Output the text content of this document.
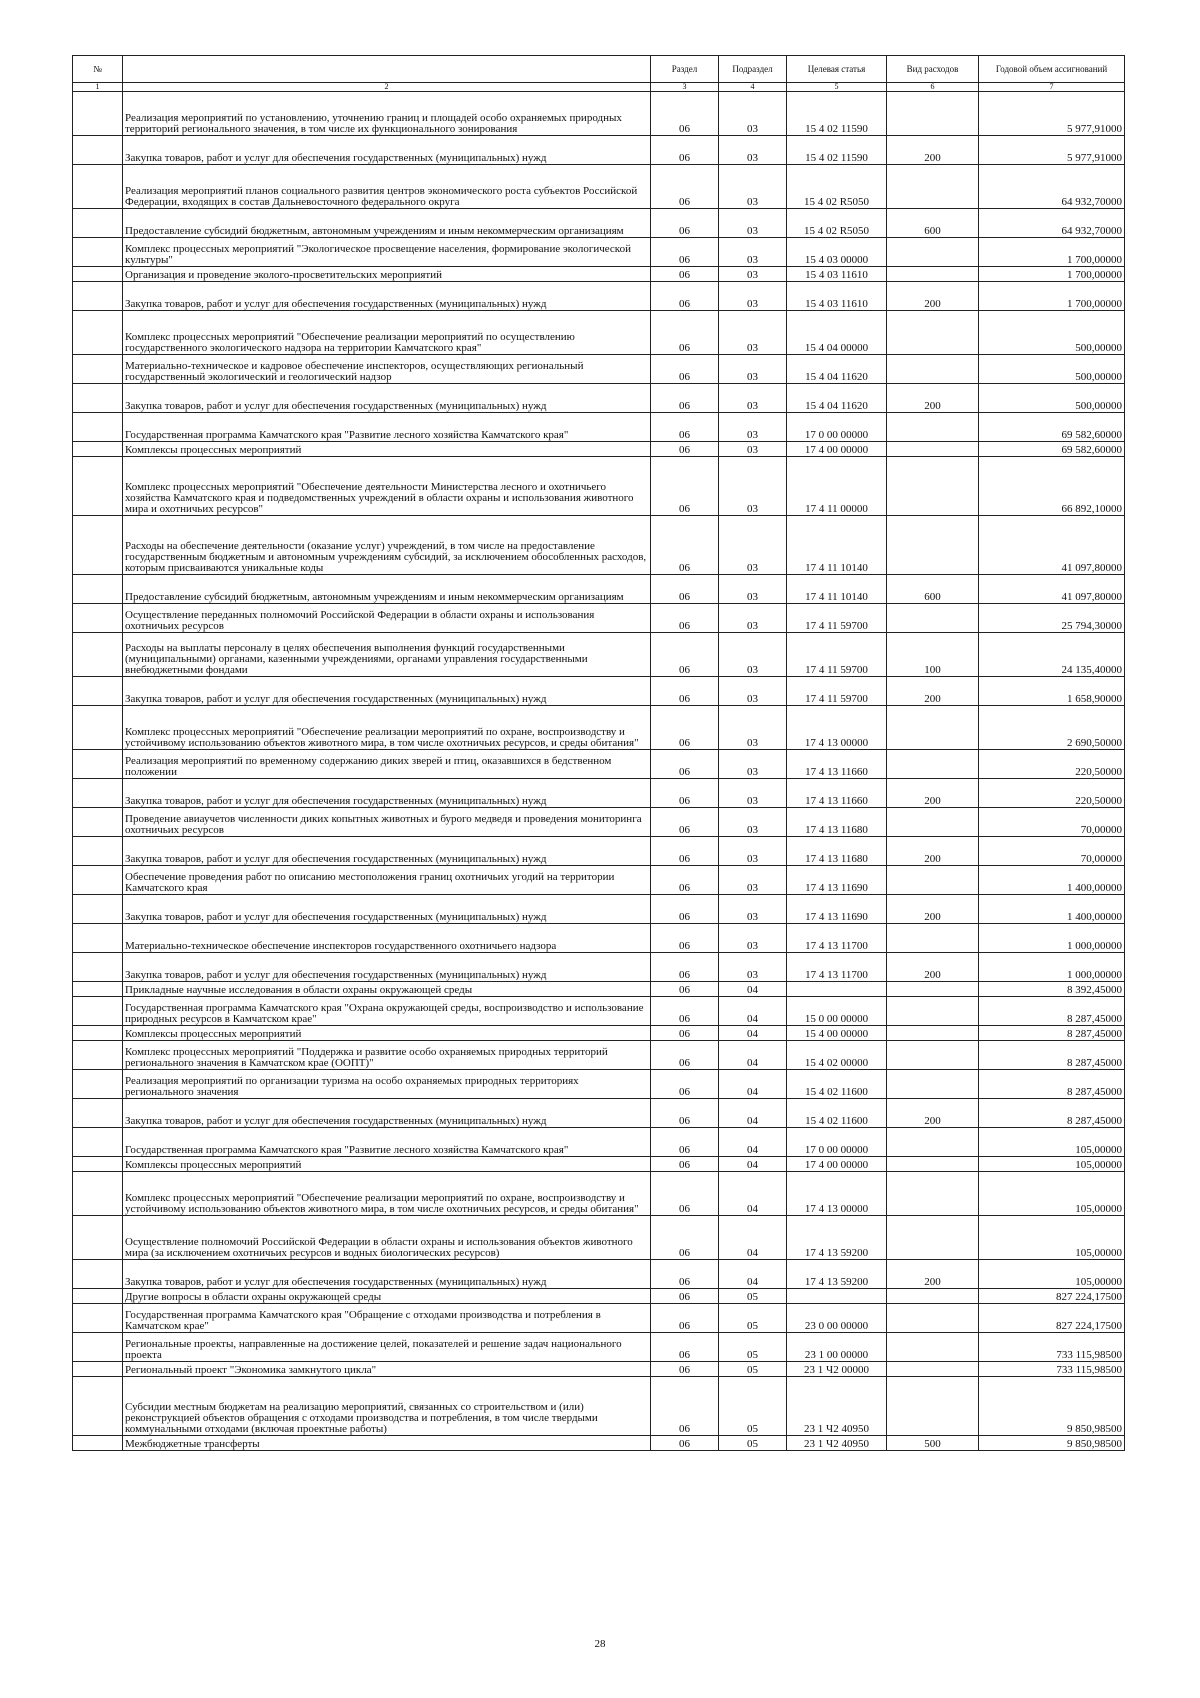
№		Раздел	Подраздел	Целевая статья	Вид расходов	Годовой объем ассигнований
1	2	3	4	5	6	7
	Реализация мероприятий по установлению, уточнению границ и площадей особо охраняемых природных территорий регионального значения, в том числе их функционального зонирования	06	03	15 4 02 11590		5 977,91000
	Закупка товаров, работ и услуг для обеспечения государственных (муниципальных) нужд	06	03	15 4 02 11590	200	5 977,91000
	Реализация мероприятий планов социального развития центров экономического роста субъектов Российской Федерации, входящих в состав Дальневосточного федерального округа	06	03	15 4 02 R5050		64 932,70000
	Предоставление субсидий бюджетным, автономным учреждениям и иным некоммерческим организациям	06	03	15 4 02 R5050	600	64 932,70000
	Комплекс процессных мероприятий "Экологическое просвещение населения, формирование экологической культуры"	06	03	15 4 03 00000		1 700,00000
	Организация и проведение эколого-просветительских мероприятий	06	03	15 4 03 11610		1 700,00000
	Закупка товаров, работ и услуг для обеспечения государственных (муниципальных) нужд	06	03	15 4 03 11610	200	1 700,00000
	Комплекс процессных мероприятий "Обеспечение реализации мероприятий по осуществлению государственного экологического надзора на территории Камчатского края"	06	03	15 4 04 00000		500,00000
	Материально-техническое и кадровое обеспечение инспекторов, осуществляющих региональный государственный экологический и геологический надзор	06	03	15 4 04 11620		500,00000
	Закупка товаров, работ и услуг для обеспечения государственных (муниципальных) нужд	06	03	15 4 04 11620	200	500,00000
	Государственная программа Камчатского края "Развитие лесного хозяйства Камчатского края"	06	03	17 0 00 00000		69 582,60000
	Комплексы процессных мероприятий	06	03	17 4 00 00000		69 582,60000
	Комплекс процессных мероприятий "Обеспечение деятельности Министерства лесного и охотничьего хозяйства Камчатского края и подведомственных учреждений в области охраны и использования животного мира и охотничьих ресурсов"	06	03	17 4 11 00000		66 892,10000
	Расходы на обеспечение деятельности (оказание услуг) учреждений, в том числе на предоставление государственным бюджетным и автономным учреждениям субсидий, за исключением обособленных расходов, которым присваиваются уникальные коды	06	03	17 4 11 10140		41 097,80000
	Предоставление субсидий бюджетным, автономным учреждениям и иным некоммерческим организациям	06	03	17 4 11 10140	600	41 097,80000
	Осуществление переданных полномочий Российской Федерации в области охраны и использования охотничьих ресурсов	06	03	17 4 11 59700		25 794,30000
	Расходы на выплаты персоналу в целях обеспечения выполнения функций государственными (муниципальными) органами, казенными учреждениями, органами управления государственными внебюджетными фондами	06	03	17 4 11 59700	100	24 135,40000
	Закупка товаров, работ и услуг для обеспечения государственных (муниципальных) нужд	06	03	17 4 11 59700	200	1 658,90000
	Комплекс процессных мероприятий "Обеспечение реализации мероприятий по охране, воспроизводству и устойчивому использованию объектов животного мира, в том числе охотничьих ресурсов, и среды обитания"	06	03	17 4 13 00000		2 690,50000
	Реализация мероприятий по временному содержанию диких зверей и птиц, оказавшихся в бедственном положении	06	03	17 4 13 11660		220,50000
	Закупка товаров, работ и услуг для обеспечения государственных (муниципальных) нужд	06	03	17 4 13 11660	200	220,50000
	Проведение авиаучетов численности диких копытных животных и бурого медведя и проведения мониторинга охотничьих ресурсов	06	03	17 4 13 11680		70,00000
	Закупка товаров, работ и услуг для обеспечения государственных (муниципальных) нужд	06	03	17 4 13 11680	200	70,00000
	Обеспечение проведения работ по описанию местоположения границ охотничьих угодий на территории Камчатского края	06	03	17 4 13 11690		1 400,00000
	Закупка товаров, работ и услуг для обеспечения государственных (муниципальных) нужд	06	03	17 4 13 11690	200	1 400,00000
	Материально-техническое обеспечение инспекторов государственного охотничьего надзора	06	03	17 4 13 11700		1 000,00000
	Закупка товаров, работ и услуг для обеспечения государственных (муниципальных) нужд	06	03	17 4 13 11700	200	1 000,00000
	Прикладные научные исследования в области охраны окружающей среды	06	04			8 392,45000
	Государственная программа Камчатского края "Охрана окружающей среды, воспроизводство и использование природных ресурсов в Камчатском крае"	06	04	15 0 00 00000		8 287,45000
	Комплексы процессных мероприятий	06	04	15 4 00 00000		8 287,45000
	Комплекс процессных мероприятий "Поддержка и развитие особо охраняемых природных территорий регионального значения в Камчатском крае (ООПТ)"	06	04	15 4 02 00000		8 287,45000
	Реализация мероприятий по организации туризма на особо охраняемых природных территориях регионального значения	06	04	15 4 02 11600		8 287,45000
	Закупка товаров, работ и услуг для обеспечения государственных (муниципальных) нужд	06	04	15 4 02 11600	200	8 287,45000
	Государственная программа Камчатского края "Развитие лесного хозяйства Камчатского края"	06	04	17 0 00 00000		105,00000
	Комплексы процессных мероприятий	06	04	17 4 00 00000		105,00000
	Комплекс процессных мероприятий "Обеспечение реализации мероприятий по охране, воспроизводству и устойчивому использованию объектов животного мира, в том числе охотничьих ресурсов, и среды обитания"	06	04	17 4 13 00000		105,00000
	Осуществление полномочий Российской Федерации в области охраны и использования объектов животного мира (за исключением охотничьих ресурсов и водных биологических ресурсов)	06	04	17 4 13 59200		105,00000
	Закупка товаров, работ и услуг для обеспечения государственных (муниципальных) нужд	06	04	17 4 13 59200	200	105,00000
	Другие вопросы в области охраны окружающей среды	06	05			827 224,17500
	Государственная программа Камчатского края "Обращение с отходами производства и потребления в Камчатском крае"	06	05	23 0 00 00000		827 224,17500
	Региональные проекты, направленные на достижение целей, показателей и решение задач национального проекта	06	05	23 1 00 00000		733 115,98500
	Региональный проект "Экономика замкнутого цикла"	06	05	23 1 Ч2 00000		733 115,98500
	Субсидии местным бюджетам на реализацию мероприятий, связанных со строительством и (или) реконструкцией объектов обращения с отходами производства и потребления, в том числе твердыми коммунальными отходами (включая проектные работы)	06	05	23 1 Ч2 40950		9 850,98500
	Межбюджетные трансферты	06	05	23 1 Ч2 40950	500	9 850,98500
28
